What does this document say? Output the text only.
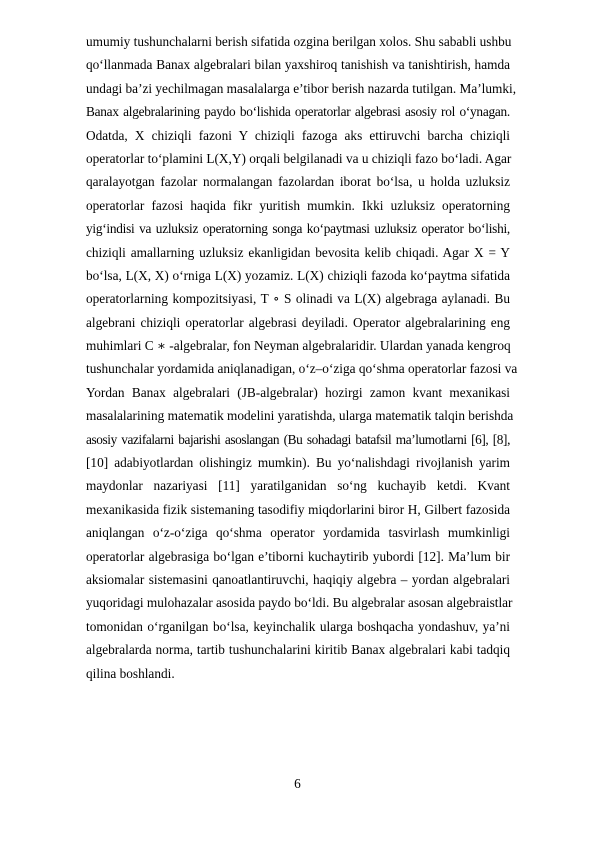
umumiy tushunchalarni berish sifatida ozgina berilgan xolos. Shu sababli ushbu
qo‘llanmada Banax algebralari bilan yaxshiroq tanishish va tanishtirish, hamda
undagi ba’zi yechilmagan masalalarga e’tibor berish nazarda tutilgan. Ma’lumki,
Banax algebralarining paydo bo‘lishida operatorlar algebrasi asosiy rol o‘ynagan.
Odatda, X chiziqli fazoni Y chiziqli fazoga aks ettiruvchi barcha chiziqli
operatorlar to‘plamini L(X,Y) orqali belgilanadi va u chiziqli fazo bo‘ladi. Agar
qaralayotgan fazolar normalangan fazolardan iborat bo‘lsa, u holda uzluksiz
operatorlar fazosi haqida fikr yuritish mumkin. Ikki uzluksiz operatorning
yig‘indisi va uzluksiz operatorning songa ko‘paytmasi uzluksiz operator bo‘lishi,
chiziqli amallarning uzluksiz ekanligidan bevosita kelib chiqadi. Agar X = Y
bo‘lsa, L(X, X) o‘rniga L(X) yozamiz. L(X) chiziqli fazoda ko‘paytma sifatida
operatorlarning kompozitsiyasi, T ∘ S olinadi va L(X) algebraga aylanadi. Bu
algebrani chiziqli operatorlar algebrasi deyiladi. Operator algebralarining eng
muhimlari C ∗ -algebralar, fon Neyman algebralaridir. Ulardan yanada kengroq
tushunchalar yordamida aniqlanadigan, o‘z–o‘ziga qo‘shma operatorlar fazosi va
Yordan Banax algebralari (JB-algebralar) hozirgi zamon kvant mexanikasi
masalalarining matematik modelini yaratishda, ularga matematik talqin berishda
asosiy vazifalarni bajarishi asoslangan (Bu sohadagi batafsil ma’lumotlarni [6], [8],
[10] adabiyotlardan olishingiz mumkin). Bu yo‘nalishdagi rivojlanish yarim
maydonlar nazariyasi [11] yaratilganidan so‘ng kuchayib ketdi. Kvant
mexanikasida fizik sistemaning tasodifiy miqdorlarini biror H, Gilbert fazosida
aniqlangan o‘z-o‘ziga qo‘shma operator yordamida tasvirlash mumkinligi
operatorlar algebrasiga bo‘lgan e’tiborni kuchaytirib yubordi [12]. Ma’lum bir
aksiomalar sistemasini qanoatlantiruvchi, haqiqiy algebra – yordan algebralari
yuqoridagi mulohazalar asosida paydo bo‘ldi. Bu algebralar asosan algebraistlar
tomonidan o‘rganilgan bo‘lsa, keyinchalik ularga boshqacha yondashuv, ya’ni
algebralarda norma, tartib tushunchalarini kiritib Banax algebralari kabi tadqiq
qilina boshlandi.
6
